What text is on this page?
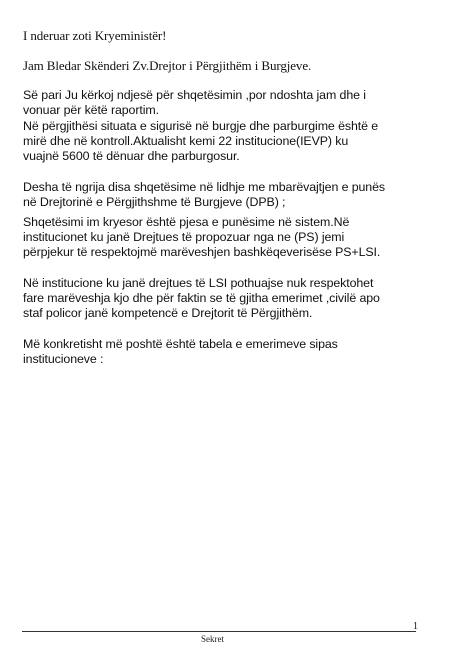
I nderuar zoti Kryeministër!
Jam Bledar Skënderi Zv.Drejtor i Përgjithëm i Burgjeve.
Së pari Ju kërkoj ndjesë për shqetësimin ,por ndoshta jam dhe i
vonuar për këtë raportim.
Në përgjithësi situata e sigurisë në burgje dhe parburgime është e
mirë dhe në kontroll.Aktualisht kemi 22 institucione(IEVP) ku
vuajnë 5600 të dënuar dhe parburgosur.
Desha të ngrija disa shqetësime në lidhje me mbarëvajtjen e punës
në Drejtorinë e Përgjithshme të Burgjeve (DPB) ;
Shqetësimi im kryesor është pjesa e punësime në sistem.Në
institucionet ku janë Drejtues të propozuar nga ne (PS) jemi
përpjekur të respektojmë marëveshjen bashkëqeverisëse PS+LSI.
Në institucione ku janë drejtues të LSI pothuajse nuk respektohet
fare marëveshja kjo dhe për faktin se të gjitha emerimet ,civilë apo
staf policor janë kompetencë e Drejtorit të Përgjithëm.
Më konkretisht më poshtë është tabela e emerimeve sipas
institucioneve :
1
Sekret
